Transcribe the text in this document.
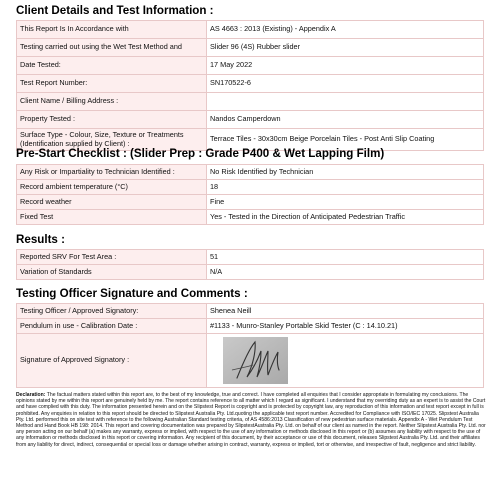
Client Details and Test Information :
This Report Is In Accordance with	AS 4663 : 2013 (Existing) - Appendix A
Testing carried out using the Wet Test Method and	Slider 96 (4S) Rubber slider
Date Tested:	17 May 2022
Test Report Number:	SN170522-6
Client Name / Billing Address :	
Property Tested :	Nandos Camperdown
Surface Type - Colour, Size, Texture or Treatments (Identification supplied by Client) :	Terrace Tiles - 30x30cm Beige Porcelain Tiles - Post Anti Slip Coating
Pre-Start Checklist : (Slider Prep : Grade P400 & Wet Lapping Film)
Any Risk or Impartiality to Technician Identified :	No Risk Identified by Technician
Record ambient temperature (°C)	18
Record weather	Fine
Fixed Test	Yes - Tested in the Direction of Anticipated Pedestrian Traffic
Results :
Reported SRV For Test Area :	51
Variation of Standards	N/A
Testing Officer Signature and Comments :
Testing Officer / Approved Signatory:	Shenea Neill
Pendulum in use - Calibration Date :	#1133 - Munro-Stanley Portable Skid Tester (C : 14.10.21)
Signature of Approved Signatory :	
Declaration: The factual matters stated within this report are, to the best of my knowledge, true and correct. I have completed all enquiries that I consider appropriate in formulating my conclusions. The opinions stated by me within this report are genuinely held by me. The report contains reference to all matter which I regard as significant. I understand that my overriding duty as an expert is to assist the Court and have complied with this duty. The information presented herein and on the Slipstest Report is copyright and is protected by copyright law, any reproduction of this information and test report except in full is prohibited. Any enquiries in relation to this report should be directed to Slipstest Australia Pty. Ltd.quoting the applicable test report number. Accredited for Compliance with ISO/IEC 17025. Slipstest Australia Pty. Ltd. performed this on site test with reference to the following Australian Standard testing criteria, of AS 4586:2013 Classification of new pedestrian surface materials. Appendix A - Wet Pendulum Test Method and Hand Book HB 198: 2014. This report and covering documentation was prepared by SlipstestAustralia Pty. Ltd. on behalf of our client as named in the report. Neither Slipstest Australia Pty. Ltd. nor any person acting on our behalf (a) makes any warranty, express or implied, with respect to the use of any information or methods disclosed in this report or (b) assumes any liability with respect to the use of any information or methods disclosed in this report or covering information. Any recipient of this document, by their acceptance or use of this document, releases Slipstest Australia Pty. Ltd. and their affiliates from any liability for direct, indirect, consequential or special loss or damage whether arising in contract, warranty, express or implied, tort or otherwise, and irrespective of fault, negligence and strict liability.
